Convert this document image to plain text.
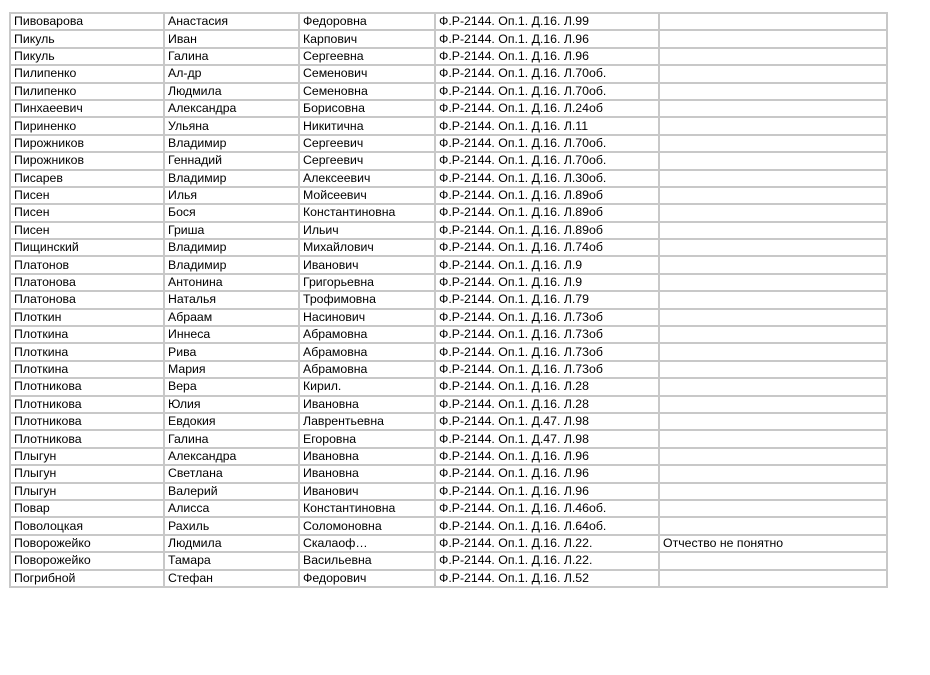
Пивоварова	Анастасия	Федоровна	Ф.Р-2144. Оп.1. Д.16. Л.99	
Пикуль	Иван	Карпович	Ф.Р-2144. Оп.1. Д.16. Л.96	
Пикуль	Галина	Сергеевна	Ф.Р-2144. Оп.1. Д.16. Л.96	
Пилипенко	Ал-др	Семенович	Ф.Р-2144. Оп.1. Д.16. Л.70об.	
Пилипенко	Людмила	Семеновна	Ф.Р-2144. Оп.1. Д.16. Л.70об.	
Пинхаеевич	Александра	Борисовна	Ф.Р-2144. Оп.1. Д.16. Л.24об	
Пириненко	Ульяна	Никитична	Ф.Р-2144. Оп.1. Д.16. Л.11	
Пирожников	Владимир	Сергеевич	Ф.Р-2144. Оп.1. Д.16. Л.70об.	
Пирожников	Геннадий	Сергеевич	Ф.Р-2144. Оп.1. Д.16. Л.70об.	
Писарев	Владимир	Алексеевич	Ф.Р-2144. Оп.1. Д.16. Л.30об.	
Писен	Илья	Мойсеевич	Ф.Р-2144. Оп.1. Д.16. Л.89об	
Писен	Бося	Константиновна	Ф.Р-2144. Оп.1. Д.16. Л.89об	
Писен	Гриша	Ильич	Ф.Р-2144. Оп.1. Д.16. Л.89об	
Пищинский	Владимир	Михайлович	Ф.Р-2144. Оп.1. Д.16. Л.74об	
Платонов	Владимир	Иванович	Ф.Р-2144. Оп.1. Д.16. Л.9	
Платонова	Антонина	Григорьевна	Ф.Р-2144. Оп.1. Д.16. Л.9	
Платонова	Наталья	Трофимовна	Ф.Р-2144. Оп.1. Д.16. Л.79	
Плоткин	Абраам	Насинович	Ф.Р-2144. Оп.1. Д.16. Л.73об	
Плоткина	Иннеса	Абрамовна	Ф.Р-2144. Оп.1. Д.16. Л.73об	
Плоткина	Рива	Абрамовна	Ф.Р-2144. Оп.1. Д.16. Л.73об	
Плоткина	Мария	Абрамовна	Ф.Р-2144. Оп.1. Д.16. Л.73об	
Плотникова	Вера	Кирил.	Ф.Р-2144. Оп.1. Д.16. Л.28	
Плотникова	Юлия	Ивановна	Ф.Р-2144. Оп.1. Д.16. Л.28	
Плотникова	Евдокия	Лаврентьевна	Ф.Р-2144. Оп.1. Д.47. Л.98	
Плотникова	Галина	Егоровна	Ф.Р-2144. Оп.1. Д.47. Л.98	
Плыгун	Александра	Ивановна	Ф.Р-2144. Оп.1. Д.16. Л.96	
Плыгун	Светлана	Ивановна	Ф.Р-2144. Оп.1. Д.16. Л.96	
Плыгун	Валерий	Иванович	Ф.Р-2144. Оп.1. Д.16. Л.96	
Повар	Алисса	Константиновна	Ф.Р-2144. Оп.1. Д.16. Л.46об.	
Поволоцкая	Рахиль	Соломоновна	Ф.Р-2144. Оп.1. Д.16. Л.64об.	
Поворожейко	Людмила	Скалаоф…	Ф.Р-2144. Оп.1. Д.16. Л.22.	Отчество не понятно
Поворожейко	Тамара	Васильевна	Ф.Р-2144. Оп.1. Д.16. Л.22.	
Погрибной	Стефан	Федорович	Ф.Р-2144. Оп.1. Д.16. Л.52	
